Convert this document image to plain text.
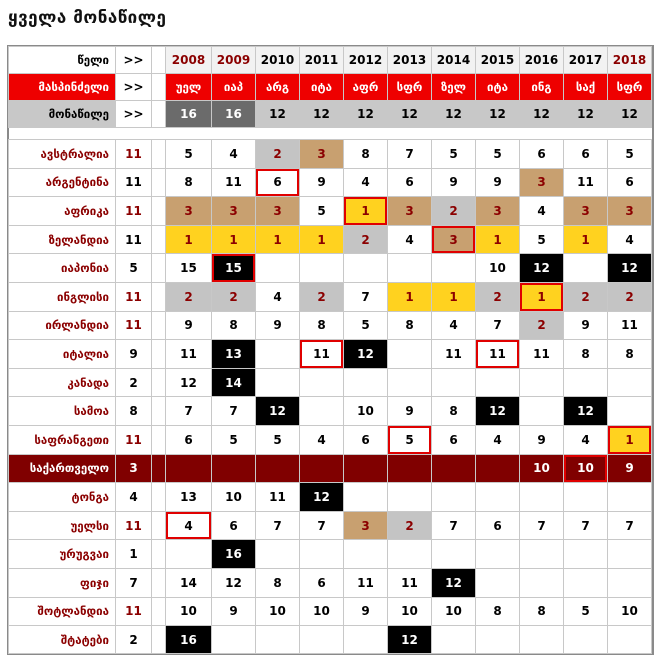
ყველა მონაწილე
წელი	>>		2008	2009	2010	2011	2012	2013	2014	2015	2016	2017	2018
მასპინძელი	>>		უელ	იაპ	არგ	იტა	აფრ	სფრ	ზელ	იტა	ინგ	საქ	სფრ
მონაწილე	>>		16	16	12	12	12	12	12	12	12	12	12

ავსტრალია	11		5	4	2	3	8	7	5	5	6	6	5
არგენტინა	11		8	11	6	9	4	6	9	9	3	11	6
აფრიკა	11		3	3	3	5	1	3	2	3	4	3	3
ზელანდია	11		1	1	1	1	2	4	3	1	5	1	4
იაპონია	5		15	15						10	12		12
ინგლისი	11		2	2	4	2	7	1	1	2	1	2	2
ირლანდია	11		9	8	9	8	5	8	4	7	2	9	11
იტალია	9		11	13		11	12		11	11	11	8	8
კანადა	2		12	14									
სამოა	8		7	7	12		10	9	8	12		12	
საფრანგეთი	11		6	5	5	4	6	5	6	4	9	4	1
საქართველო	3										10	10	9
ტონგა	4		13	10	11	12							
უელსი	11		4	6	7	7	3	2	7	6	7	7	7
ურუგვაი	1			16									
ფიჯი	7		14	12	8	6	11	11	12				
შოტლანდია	11		10	9	10	10	9	10	10	8	8	5	10
შტატები	2		16					12					
